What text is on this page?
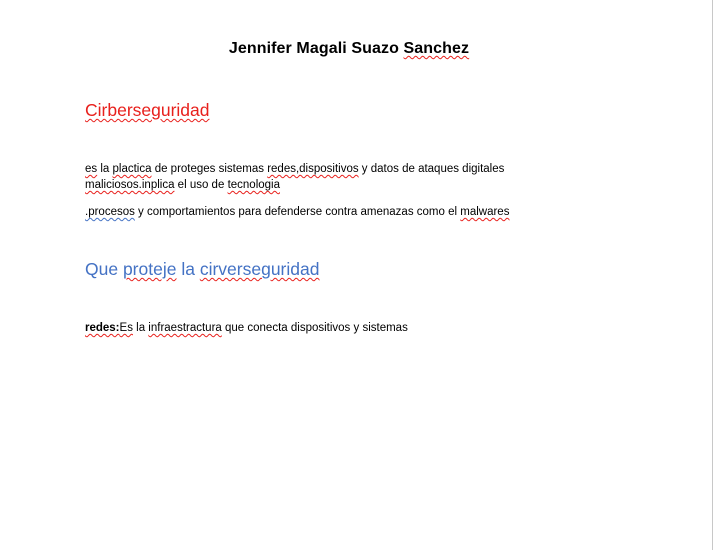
Jennifer Magali Suazo Sanchez
Cirberseguridad
es la plactica de proteges sistemas redes,dispositivos y datos de ataques digitales
maliciosos.inplica el uso de tecnologia
.procesos y comportamientos para defenderse contra amenazas como el malwares
Que proteje la cirverseguridad
redes:Es la infraestractura que conecta dispositivos y sistemas
